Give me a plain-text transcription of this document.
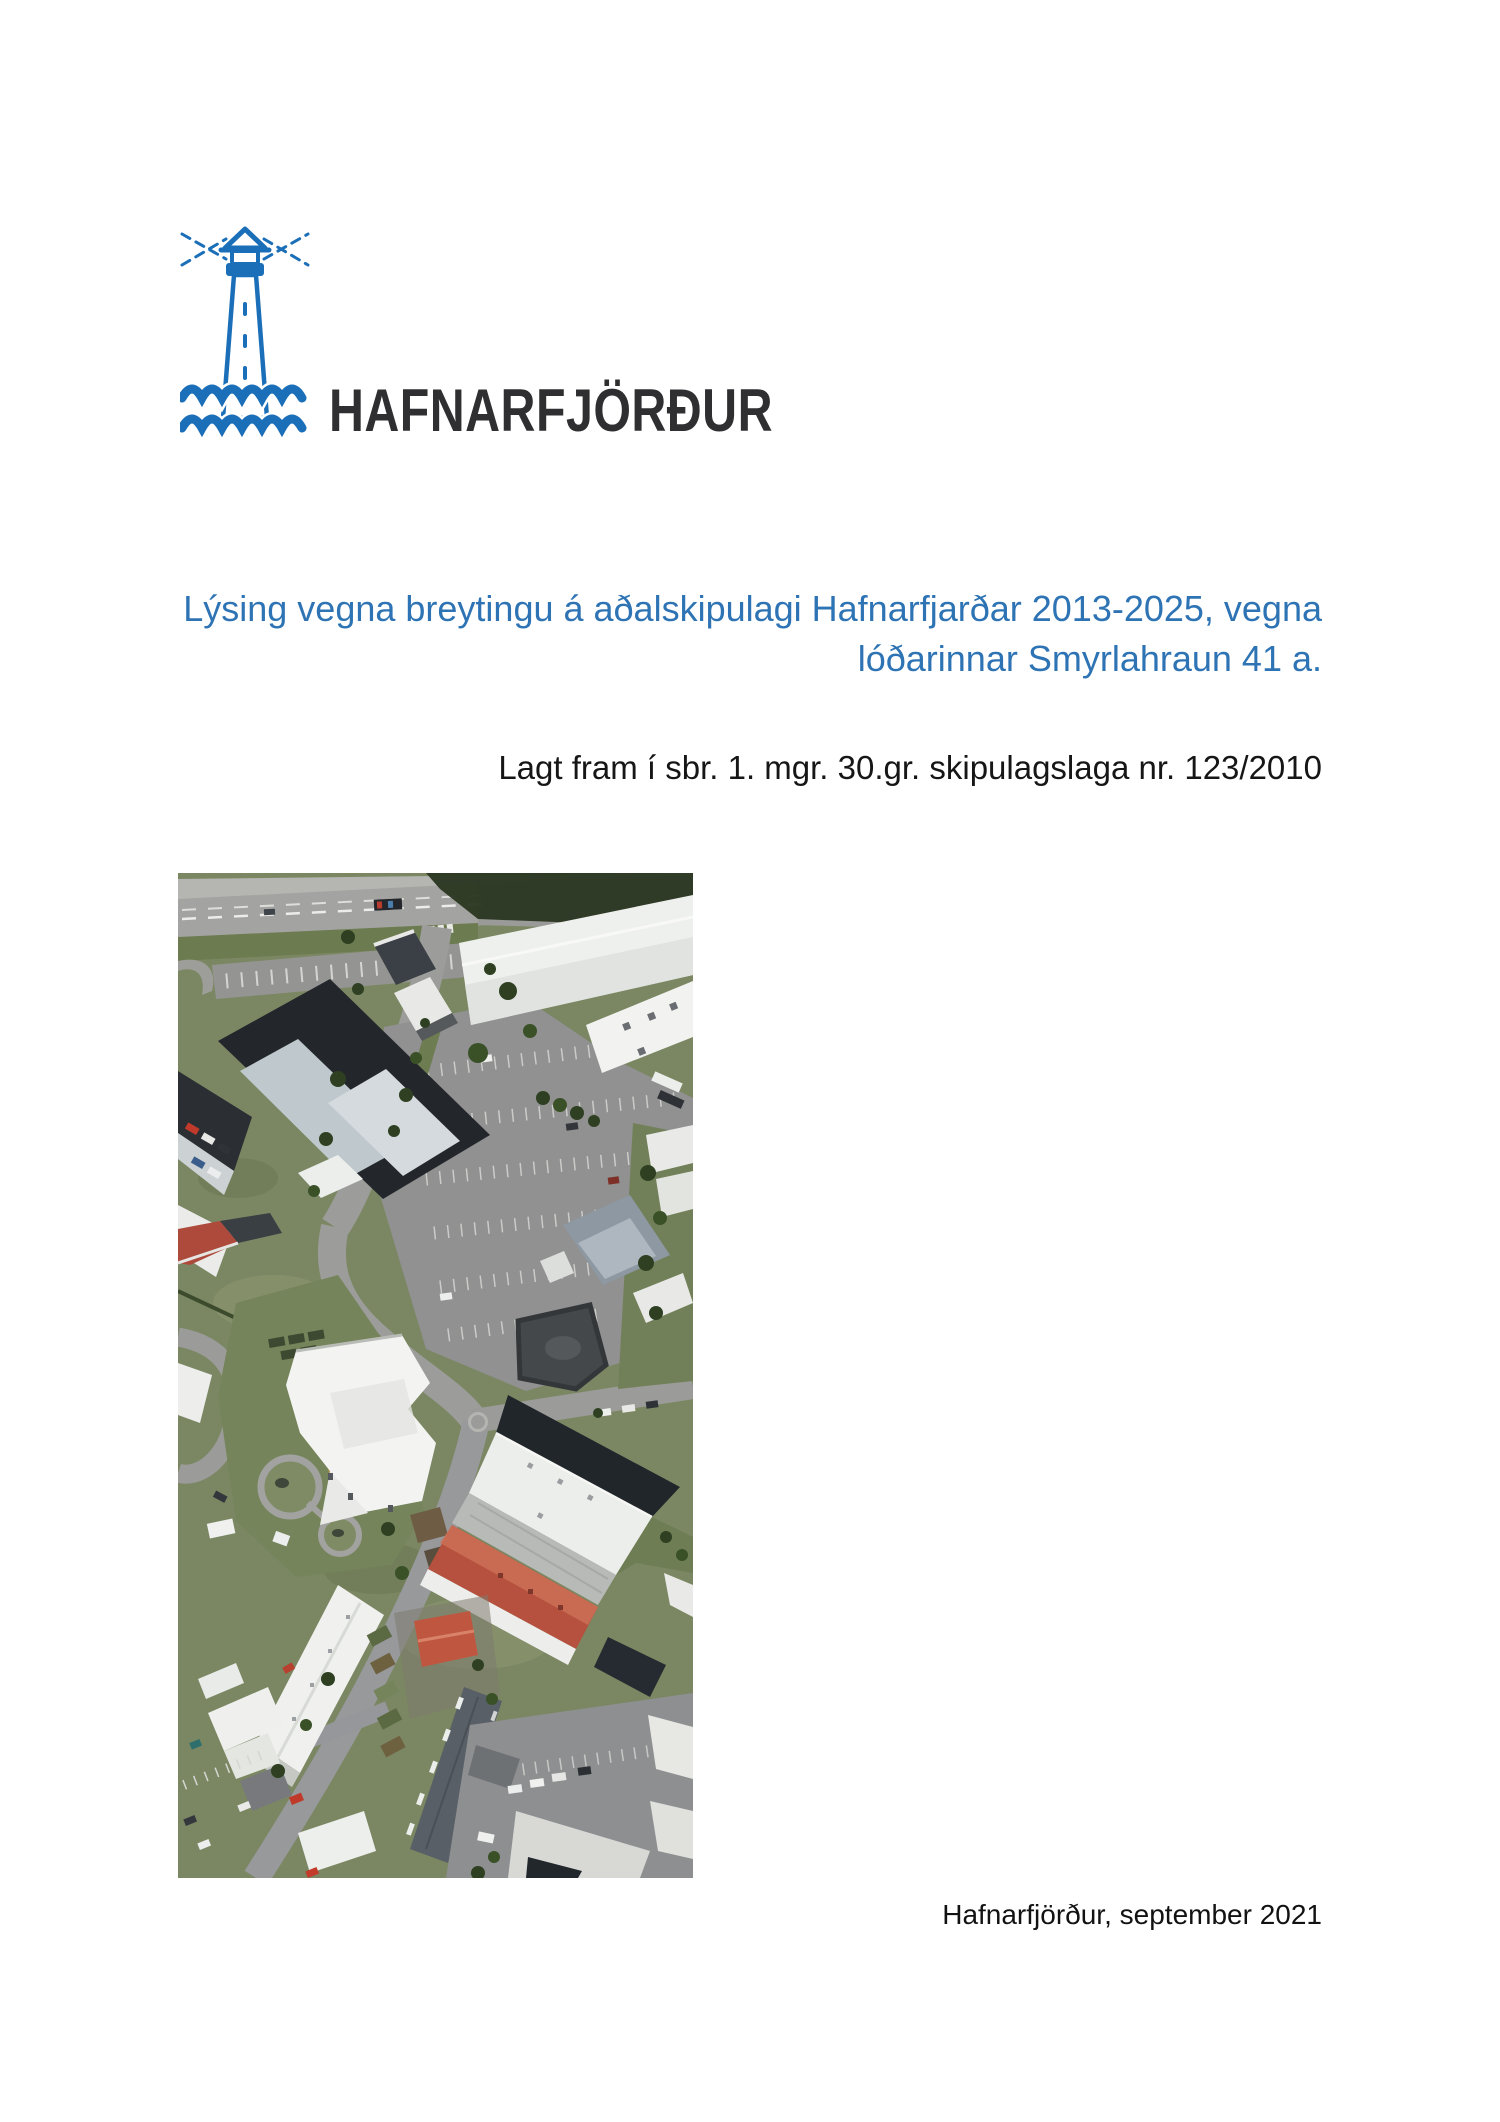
HAFNARFJÖRÐUR
Lýsing vegna breytingu á aðalskipulagi Hafnarfjarðar 2013-2025, vegna
lóðarinnar Smyrlahraun 41 a.
Lagt fram í sbr. 1. mgr. 30.gr. skipulagslaga nr. 123/2010
Hafnarfjörður, september 2021
